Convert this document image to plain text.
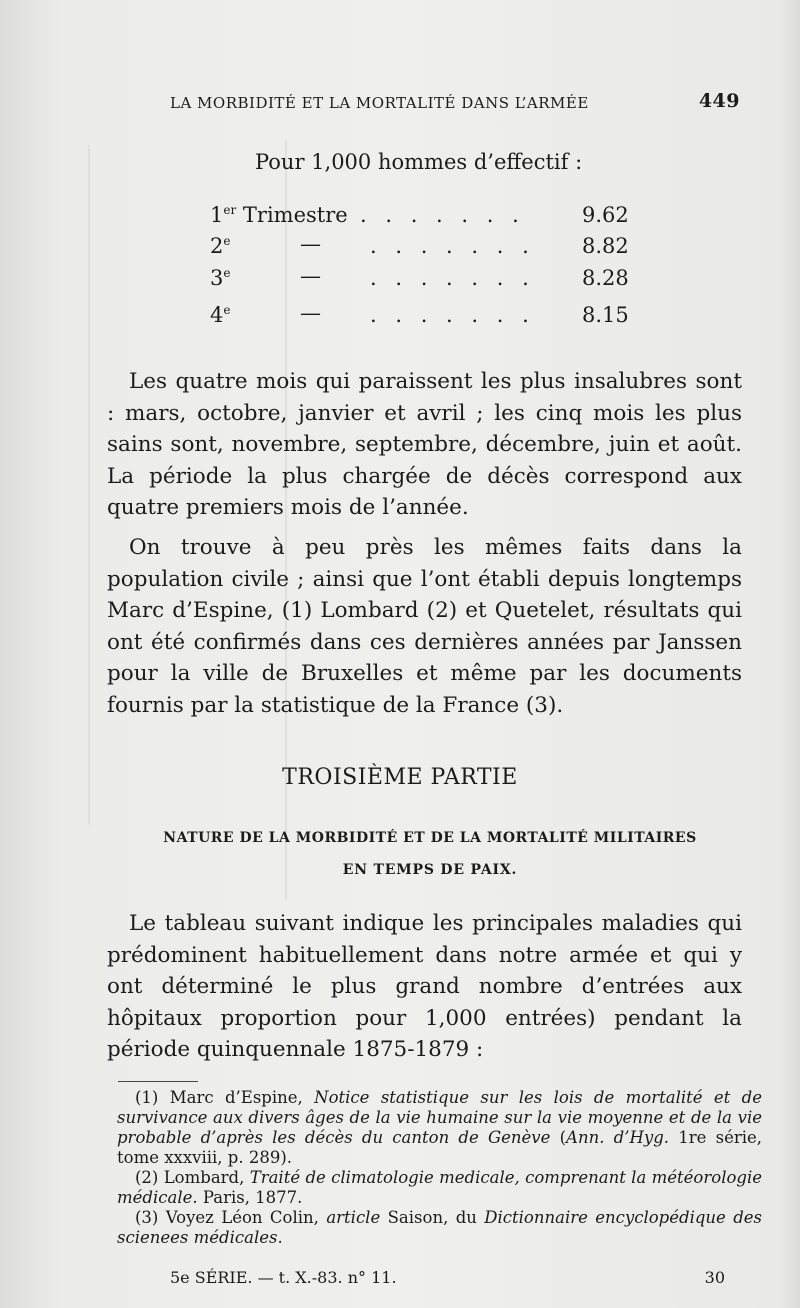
LA MORBIDITÉ ET LA MORTALITÉ DANS L’ARMÉE	449
Pour 1,000 hommes d’effectif :
1er Trimestre . . . . . . .	9.62
2e	— . . . . . . . 8.82
3e	— . . . . . . . 8.28
4e	— . . . . . . . 8.15

Les quatre mois qui paraissent les plus insalubres sont : mars, octobre, janvier et avril ; les cinq mois les plus sains sont, novembre, septembre, décembre, juin et août. La période la plus chargée de décès correspond aux quatre premiers mois de l’année.

On trouve à peu près les mêmes faits dans la population civile ; ainsi que l’ont établi depuis longtemps Marc d’Espine, (1) Lombard (2) et Quetelet, résultats qui ont été confirmés dans ces dernières années par Janssen pour la ville de Bruxelles et même par les documents fournis par la statistique de la France (3).

TROISIÈME PARTIE
NATURE DE LA MORBIDITÉ ET DE LA MORTALITÉ MILITAIRES
EN TEMPS DE PAIX.

Le tableau suivant indique les principales maladies qui prédominent habituellement dans notre armée et qui y ont déterminé le plus grand nombre d’entrées aux hôpitaux proportion pour 1,000 entrées) pendant la période quinquennale 1875-1879 :

(1) Marc d’Espine, Notice statistique sur les lois de mortalité et de survivance aux divers âges de la vie humaine sur la vie moyenne et de la vie probable d’après les décès du canton de Genève (Ann. d’Hyg. 1re série, tome xxxviii, p. 289).

(2) Lombard, Traité de climatologie medicale, comprenant la météorologie médicale. Paris, 1877.

(3) Voyez Léon Colin, article Saison, du Dictionnaire encyclopédique des scienees médicales.

5e SÉRIE. — t. X.-83. n° 11.	30
